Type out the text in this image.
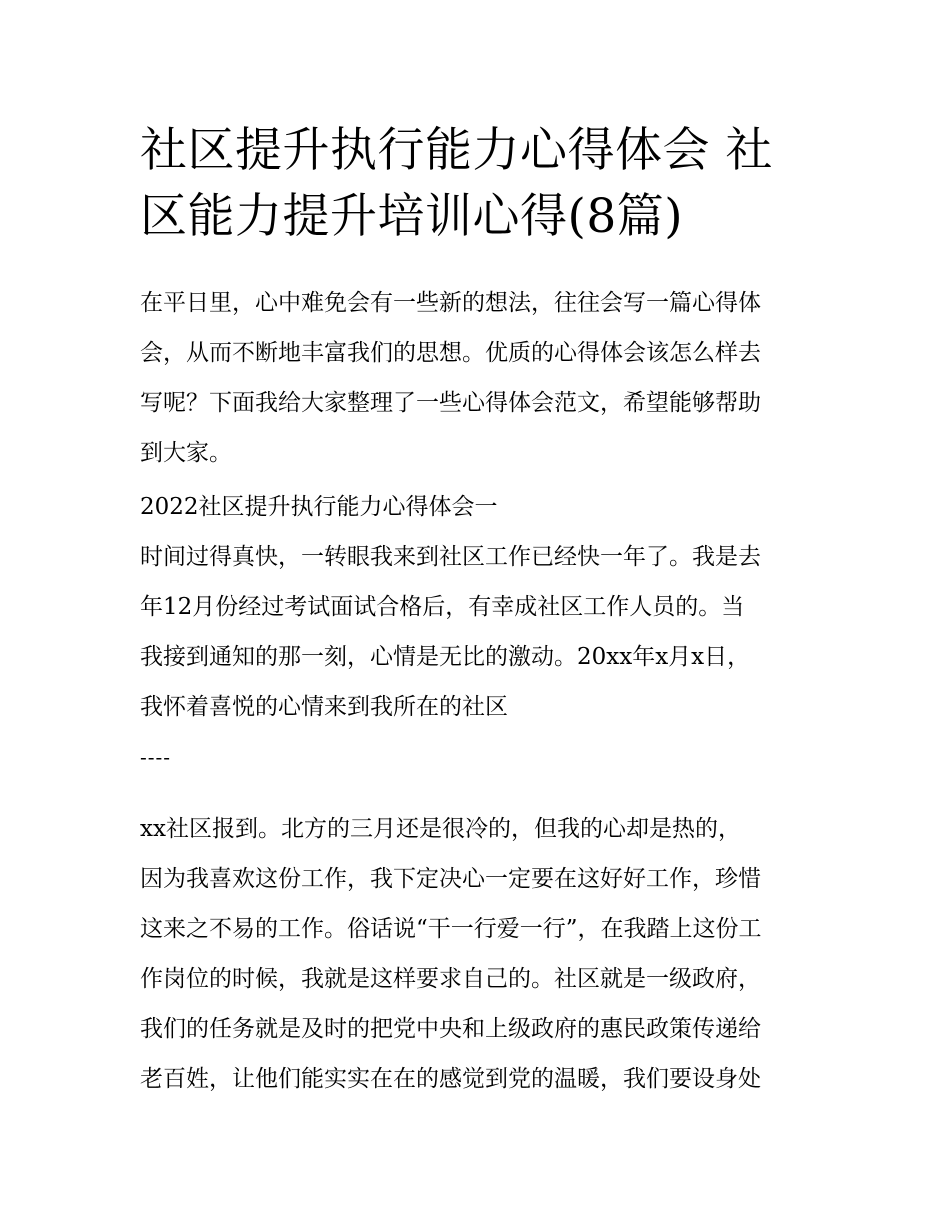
社区提升执行能力心得体会 社
区能力提升培训心得(8篇)
在平日里，心中难免会有一些新的想法，往往会写一篇心得体
会，从而不断地丰富我们的思想。优质的心得体会该怎么样去
写呢？下面我给大家整理了一些心得体会范文，希望能够帮助
到大家。
2022社区提升执行能力心得体会一
时间过得真快，一转眼我来到社区工作已经快一年了。我是去
年12月份经过考试面试合格后，有幸成社区工作人员的。当
我接到通知的那一刻，心情是无比的激动。20xx年x月x日，
我怀着喜悦的心情来到我所在的社区
----
xx社区报到。北方的三月还是很冷的，但我的心却是热的，
因为我喜欢这份工作，我下定决心一定要在这好好工作，珍惜
这来之不易的工作。俗话说“干一行爱一行”，在我踏上这份工
作岗位的时候，我就是这样要求自己的。社区就是一级政府，
我们的任务就是及时的把党中央和上级政府的惠民政策传递给
老百姓，让他们能实实在在的感觉到党的温暖，我们要设身处
